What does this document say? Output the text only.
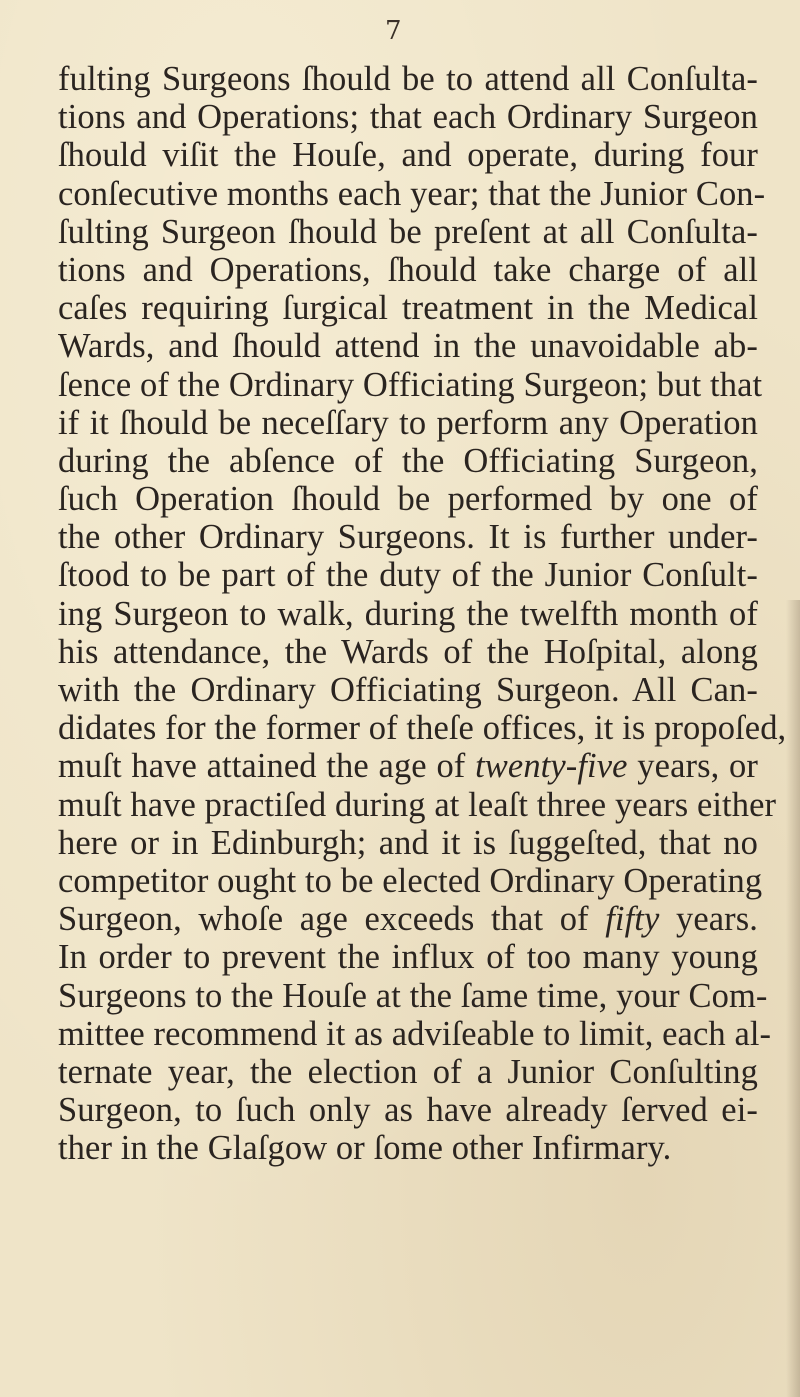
7
fulting Surgeons ſhould be to attend all Conſulta-
tions and Operations; that each Ordinary Surgeon
ſhould viſit the Houſe, and operate, during four
conſecutive months each year; that the Junior Con-
ſulting Surgeon ſhould be preſent at all Conſulta-
tions and Operations, ſhould take charge of all
caſes requiring ſurgical treatment in the Medical
Wards, and ſhould attend in the unavoidable ab-
ſence of the Ordinary Officiating Surgeon; but that
if it ſhould be neceſſary to perform any Operation
during the abſence of the Officiating Surgeon,
ſuch Operation ſhould be performed by one of
the other Ordinary Surgeons. It is further under-
ſtood to be part of the duty of the Junior Conſult-
ing Surgeon to walk, during the twelfth month of
his attendance, the Wards of the Hoſpital, along
with the Ordinary Officiating Surgeon. All Can-
didates for the former of theſe offices, it is propoſed,
muſt have attained the age of twenty-five years, or
muſt have practiſed during at leaſt three years either
here or in Edinburgh; and it is ſuggeſted, that no
competitor ought to be elected Ordinary Operating
Surgeon, whoſe age exceeds that of fifty years.
In order to prevent the influx of too many young
Surgeons to the Houſe at the ſame time, your Com-
mittee recommend it as adviſeable to limit, each al-
ternate year, the election of a Junior Conſulting
Surgeon, to ſuch only as have already ſerved ei-
ther in the Glaſgow or ſome other Infirmary.
